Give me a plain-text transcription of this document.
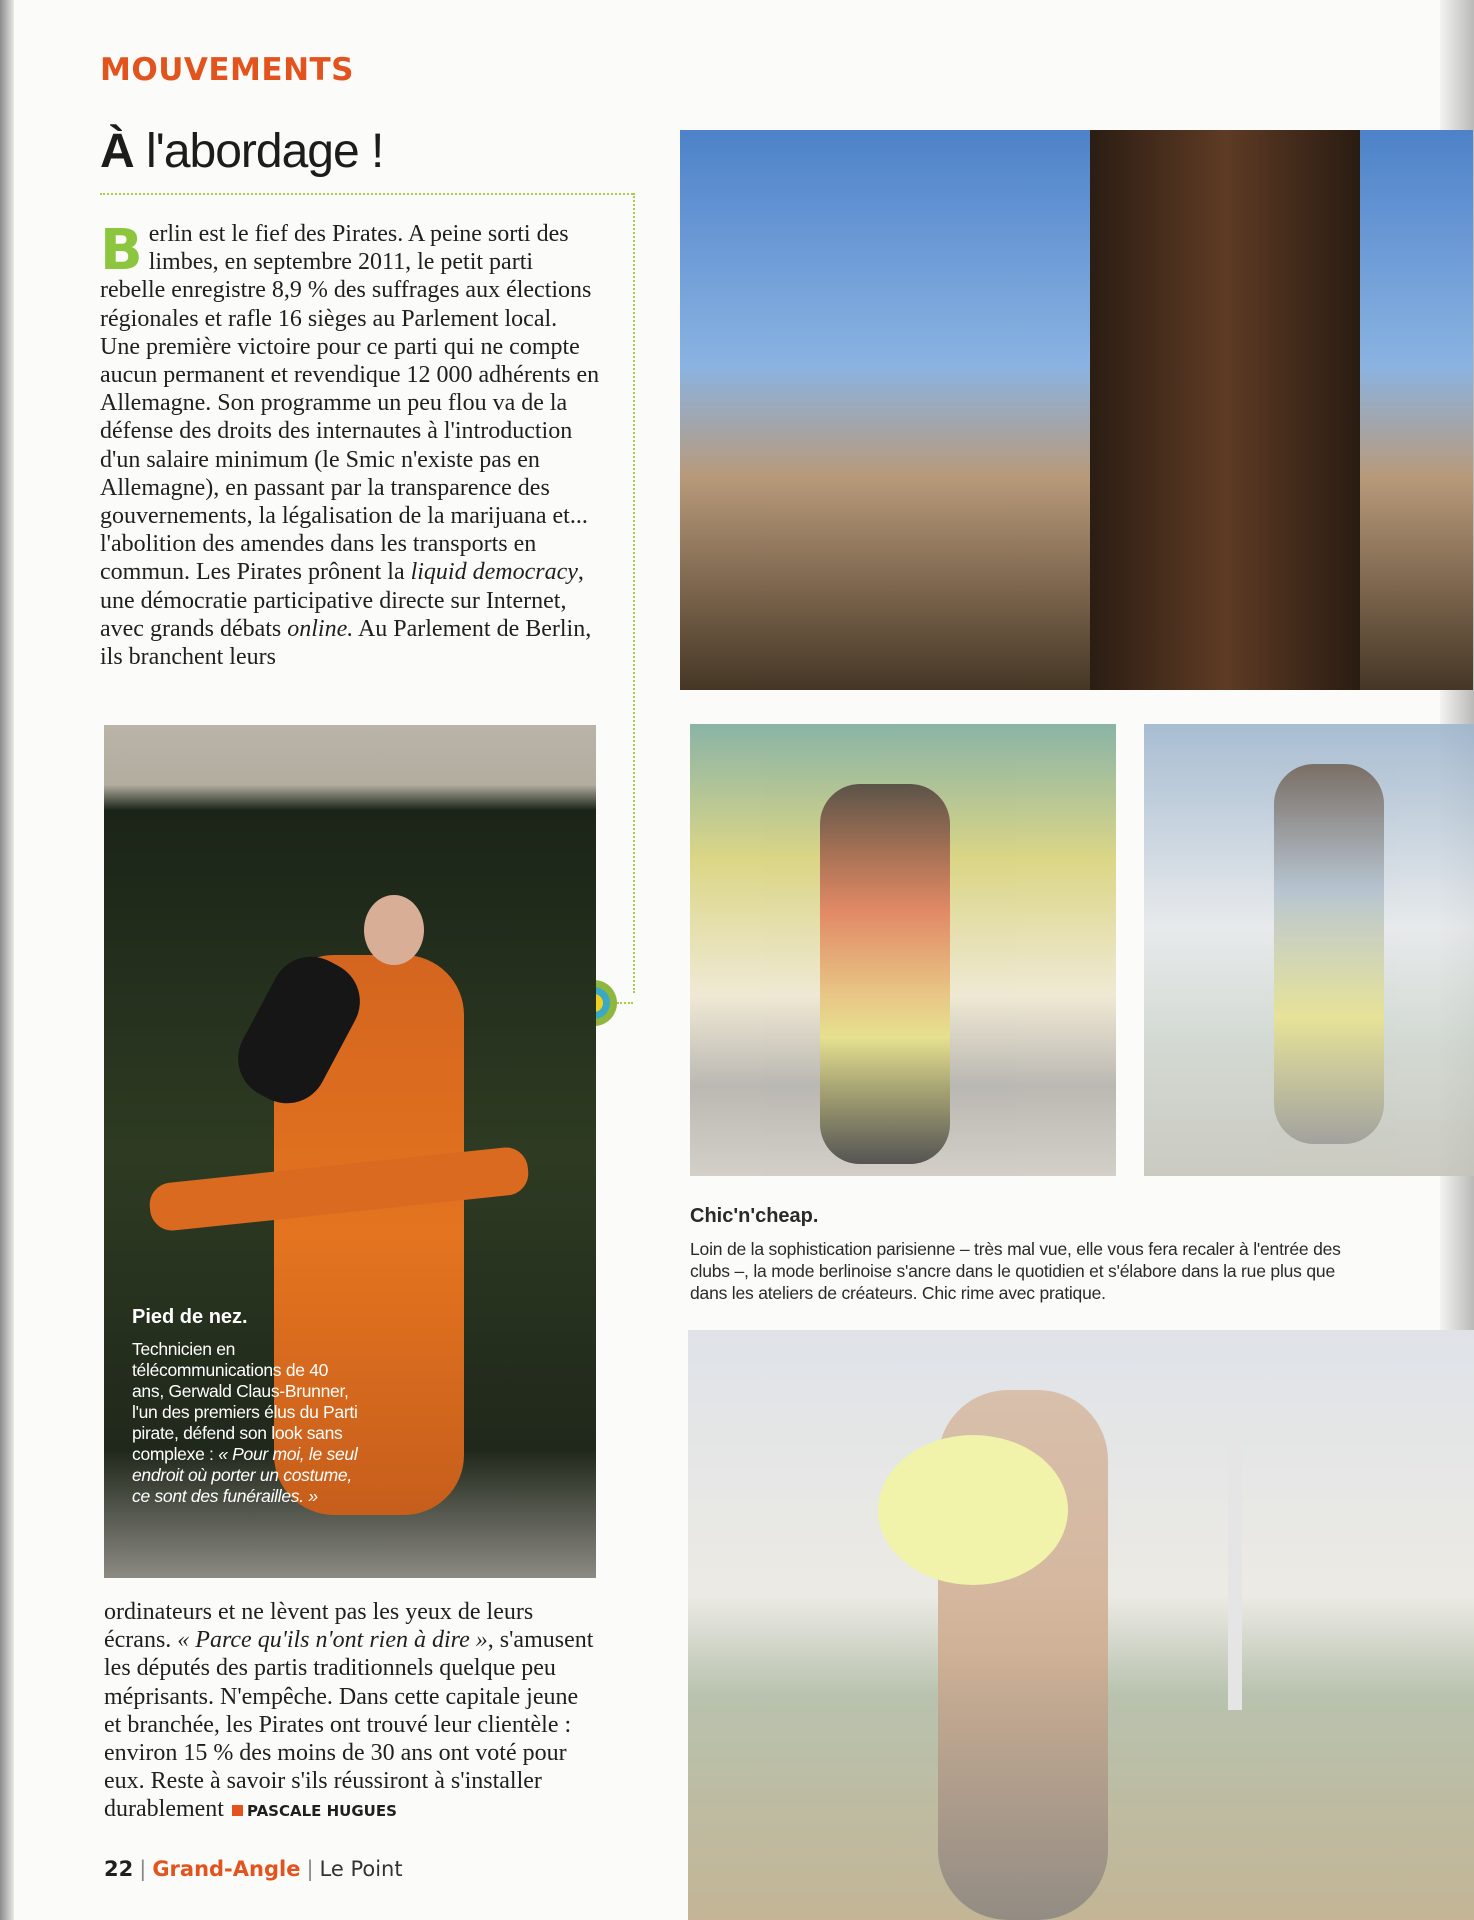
MOUVEMENTS
À l'abordage !
Berlin est le fief des Pirates. A peine sorti des limbes, en septembre 2011, le petit parti rebelle enregistre 8,9 % des suffrages aux élections régionales et rafle 16 sièges au Parlement local. Une première victoire pour ce parti qui ne compte aucun permanent et revendique 12 000 adhérents en Allemagne. Son programme un peu flou va de la défense des droits des internautes à l'introduction d'un salaire minimum (le Smic n'existe pas en Allemagne), en passant par la transparence des gouvernements, la légalisation de la marijuana et... l'abolition des amendes dans les transports en commun. Les Pirates prônent la liquid democracy, une démocratie participative directe sur Internet, avec grands débats online. Au Parlement de Berlin, ils branchent leurs
Pied de nez.
Technicien en télécommunications de 40 ans, Gerwald Claus-Brunner, l'un des premiers élus du Parti pirate, défend son look sans complexe : « Pour moi, le seul endroit où porter un costume, ce sont des funérailles. »
ordinateurs et ne lèvent pas les yeux de leurs écrans. « Parce qu'ils n'ont rien à dire », s'amusent les députés des partis traditionnels quelque peu méprisants. N'empêche. Dans cette capitale jeune et branchée, les Pirates ont trouvé leur clientèle : environ 15 % des moins de 30 ans ont voté pour eux. Reste à savoir s'ils réussiront à s'installer durablement PASCALE HUGUES
Chic'n'cheap.
Loin de la sophistication parisienne – très mal vue, elle vous fera recaler à l'entrée des clubs –, la mode berlinoise s'ancre dans le quotidien et s'élabore dans la rue plus que dans les ateliers de créateurs. Chic rime avec pratique.
22 | Grand-Angle | Le Point
